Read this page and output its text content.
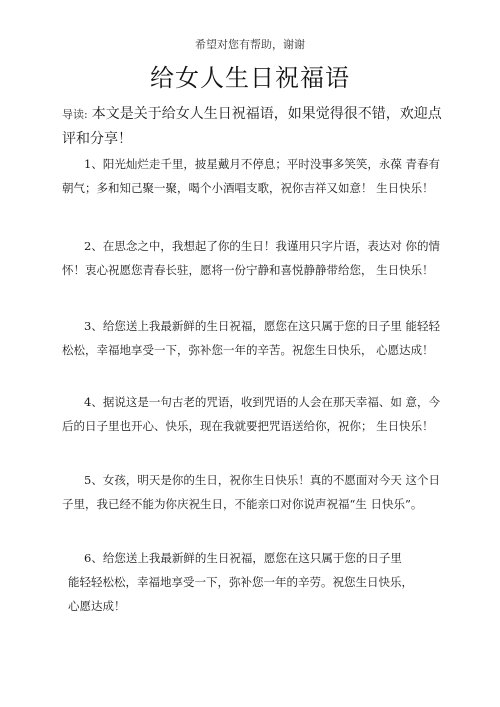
希望对您有帮助，谢谢
给女人生日祝福语
导读: 本文是关于给女人生日祝福语，如果觉得很不错，欢迎点评和分享！
1、阳光灿烂走千里，披星戴月不停息；平时没事多笑笑，永葆 青春有朝气；多和知己聚一聚，喝个小酒唱支歌，祝你吉祥又如意！ 生日快乐！
2、在思念之中，我想起了你的生日！我谨用只字片语，表达对 你的情怀！衷心祝愿您青春长驻，愿将一份宁静和喜悦静静带给您， 生日快乐！
3、给您送上我最新鲜的生日祝福，愿您在这只属于您的日子里 能轻轻松松，幸福地享受一下，弥补您一年的辛苦。祝您生日快乐， 心愿达成！
4、据说这是一句古老的咒语，收到咒语的人会在那天幸福、如 意，今后的日子里也开心、快乐，现在我就要把咒语送给你，祝你； 生日快乐！
5、女孩，明天是你的生日，祝你生日快乐！真的不愿面对今天 这个日子里，我已经不能为你庆祝生日，不能亲口对你说声祝福“生 日快乐”。
6、给您送上我最新鲜的生日祝福，愿您在这只属于您的日子里
能轻轻松松，幸福地享受一下，弥补您一年的辛劳。祝您生日快乐，
心愿达成！
